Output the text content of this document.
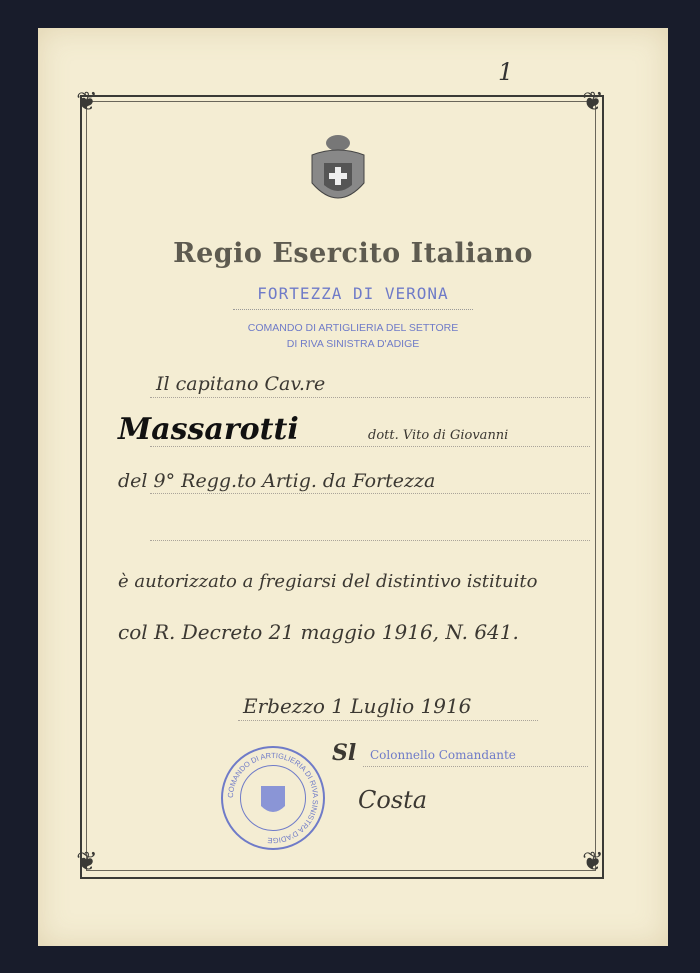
1
❦	❦
❦	❦
Regio Esercito Italiano
FORTEZZA DI VERONA
COMANDO DI ARTIGLIERIA DEL SETTORE
DI RIVA SINISTRA D'ADIGE
Il capitano Cav.re
Massarotti	dott. Vito di Giovanni
del 9° Regg.to Artig. da Fortezza
è autorizzato a fregiarsi del distintivo istituito
col R. Decreto 21 maggio 1916, N. 641.
Erbezzo 1 Luglio 1916
COMANDO DI ARTIGLIERIA DI RIVA SINISTRA D'ADIGE
Sl Colonnello Comandante
Costa
